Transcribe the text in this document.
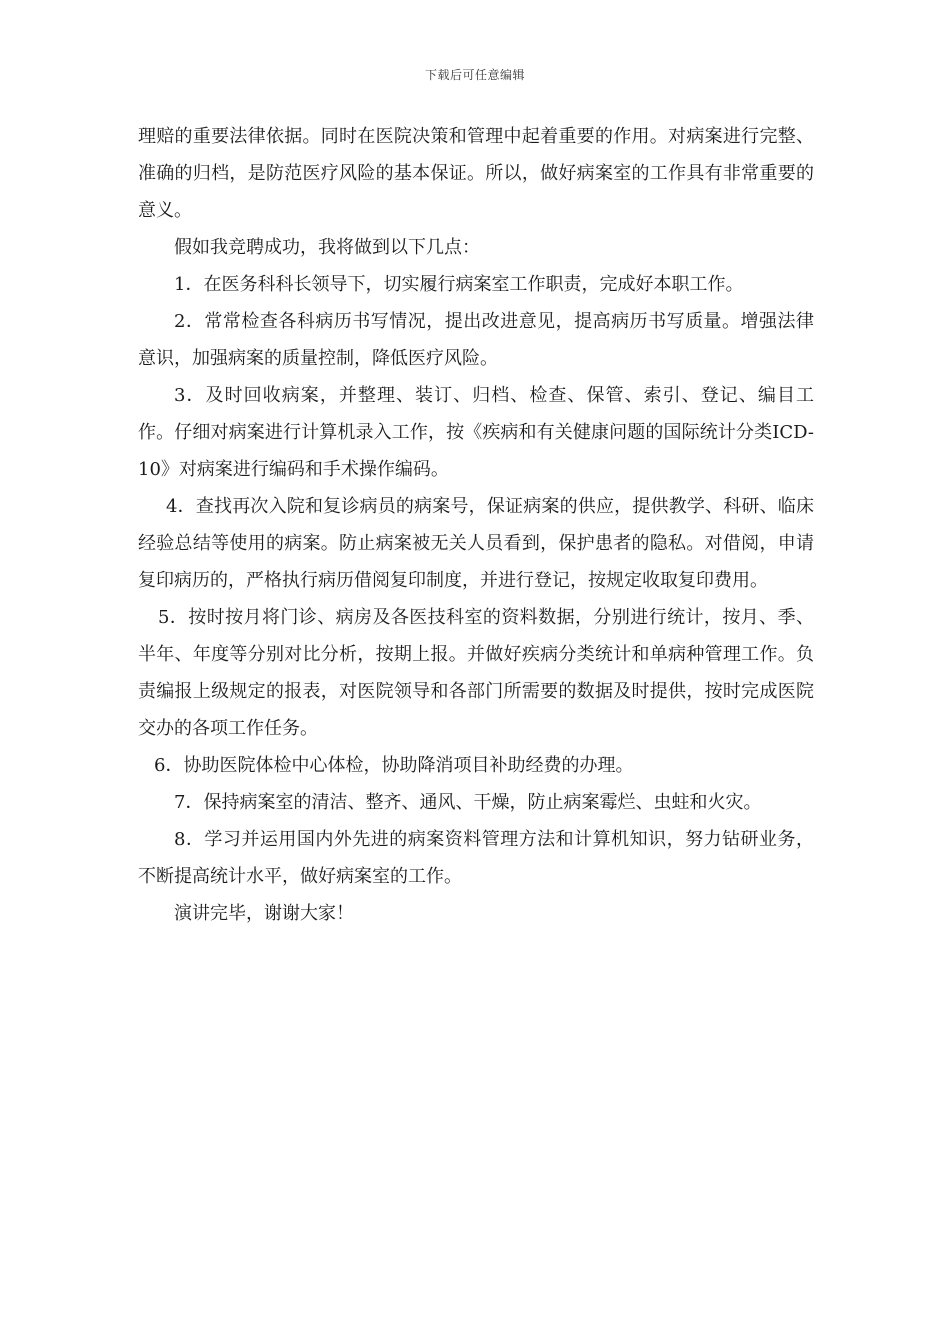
下载后可任意编辑

理赔的重要法律依据。同时在医院决策和管理中起着重要的作用。对病案进行完整、准确的归档，是防范医疗风险的基本保证。所以，做好病案室的工作具有非常重要的意义。

假如我竞聘成功，我将做到以下几点：

1．在医务科科长领导下，切实履行病案室工作职责，完成好本职工作。

2．常常检查各科病历书写情况，提出改进意见，提高病历书写质量。增强法律意识，加强病案的质量控制，降低医疗风险。

3．及时回收病案，并整理、装订、归档、检查、保管、索引、登记、编目工作。仔细对病案进行计算机录入工作，按《疾病和有关健康问题的国际统计分类ICD-10》对病案进行编码和手术操作编码。

4．查找再次入院和复诊病员的病案号，保证病案的供应，提供教学、科研、临床经验总结等使用的病案。防止病案被无关人员看到，保护患者的隐私。对借阅，申请复印病历的，严格执行病历借阅复印制度，并进行登记，按规定收取复印费用。

5．按时按月将门诊、病房及各医技科室的资料数据，分别进行统计，按月、季、半年、年度等分别对比分析，按期上报。并做好疾病分类统计和单病种管理工作。负责编报上级规定的报表，对医院领导和各部门所需要的数据及时提供，按时完成医院交办的各项工作任务。

6．协助医院体检中心体检，协助降消项目补助经费的办理。

7．保持病案室的清洁、整齐、通风、干燥，防止病案霉烂、虫蛀和火灾。

8．学习并运用国内外先进的病案资料管理方法和计算机知识，努力钻研业务，不断提高统计水平，做好病案室的工作。

演讲完毕，谢谢大家！
